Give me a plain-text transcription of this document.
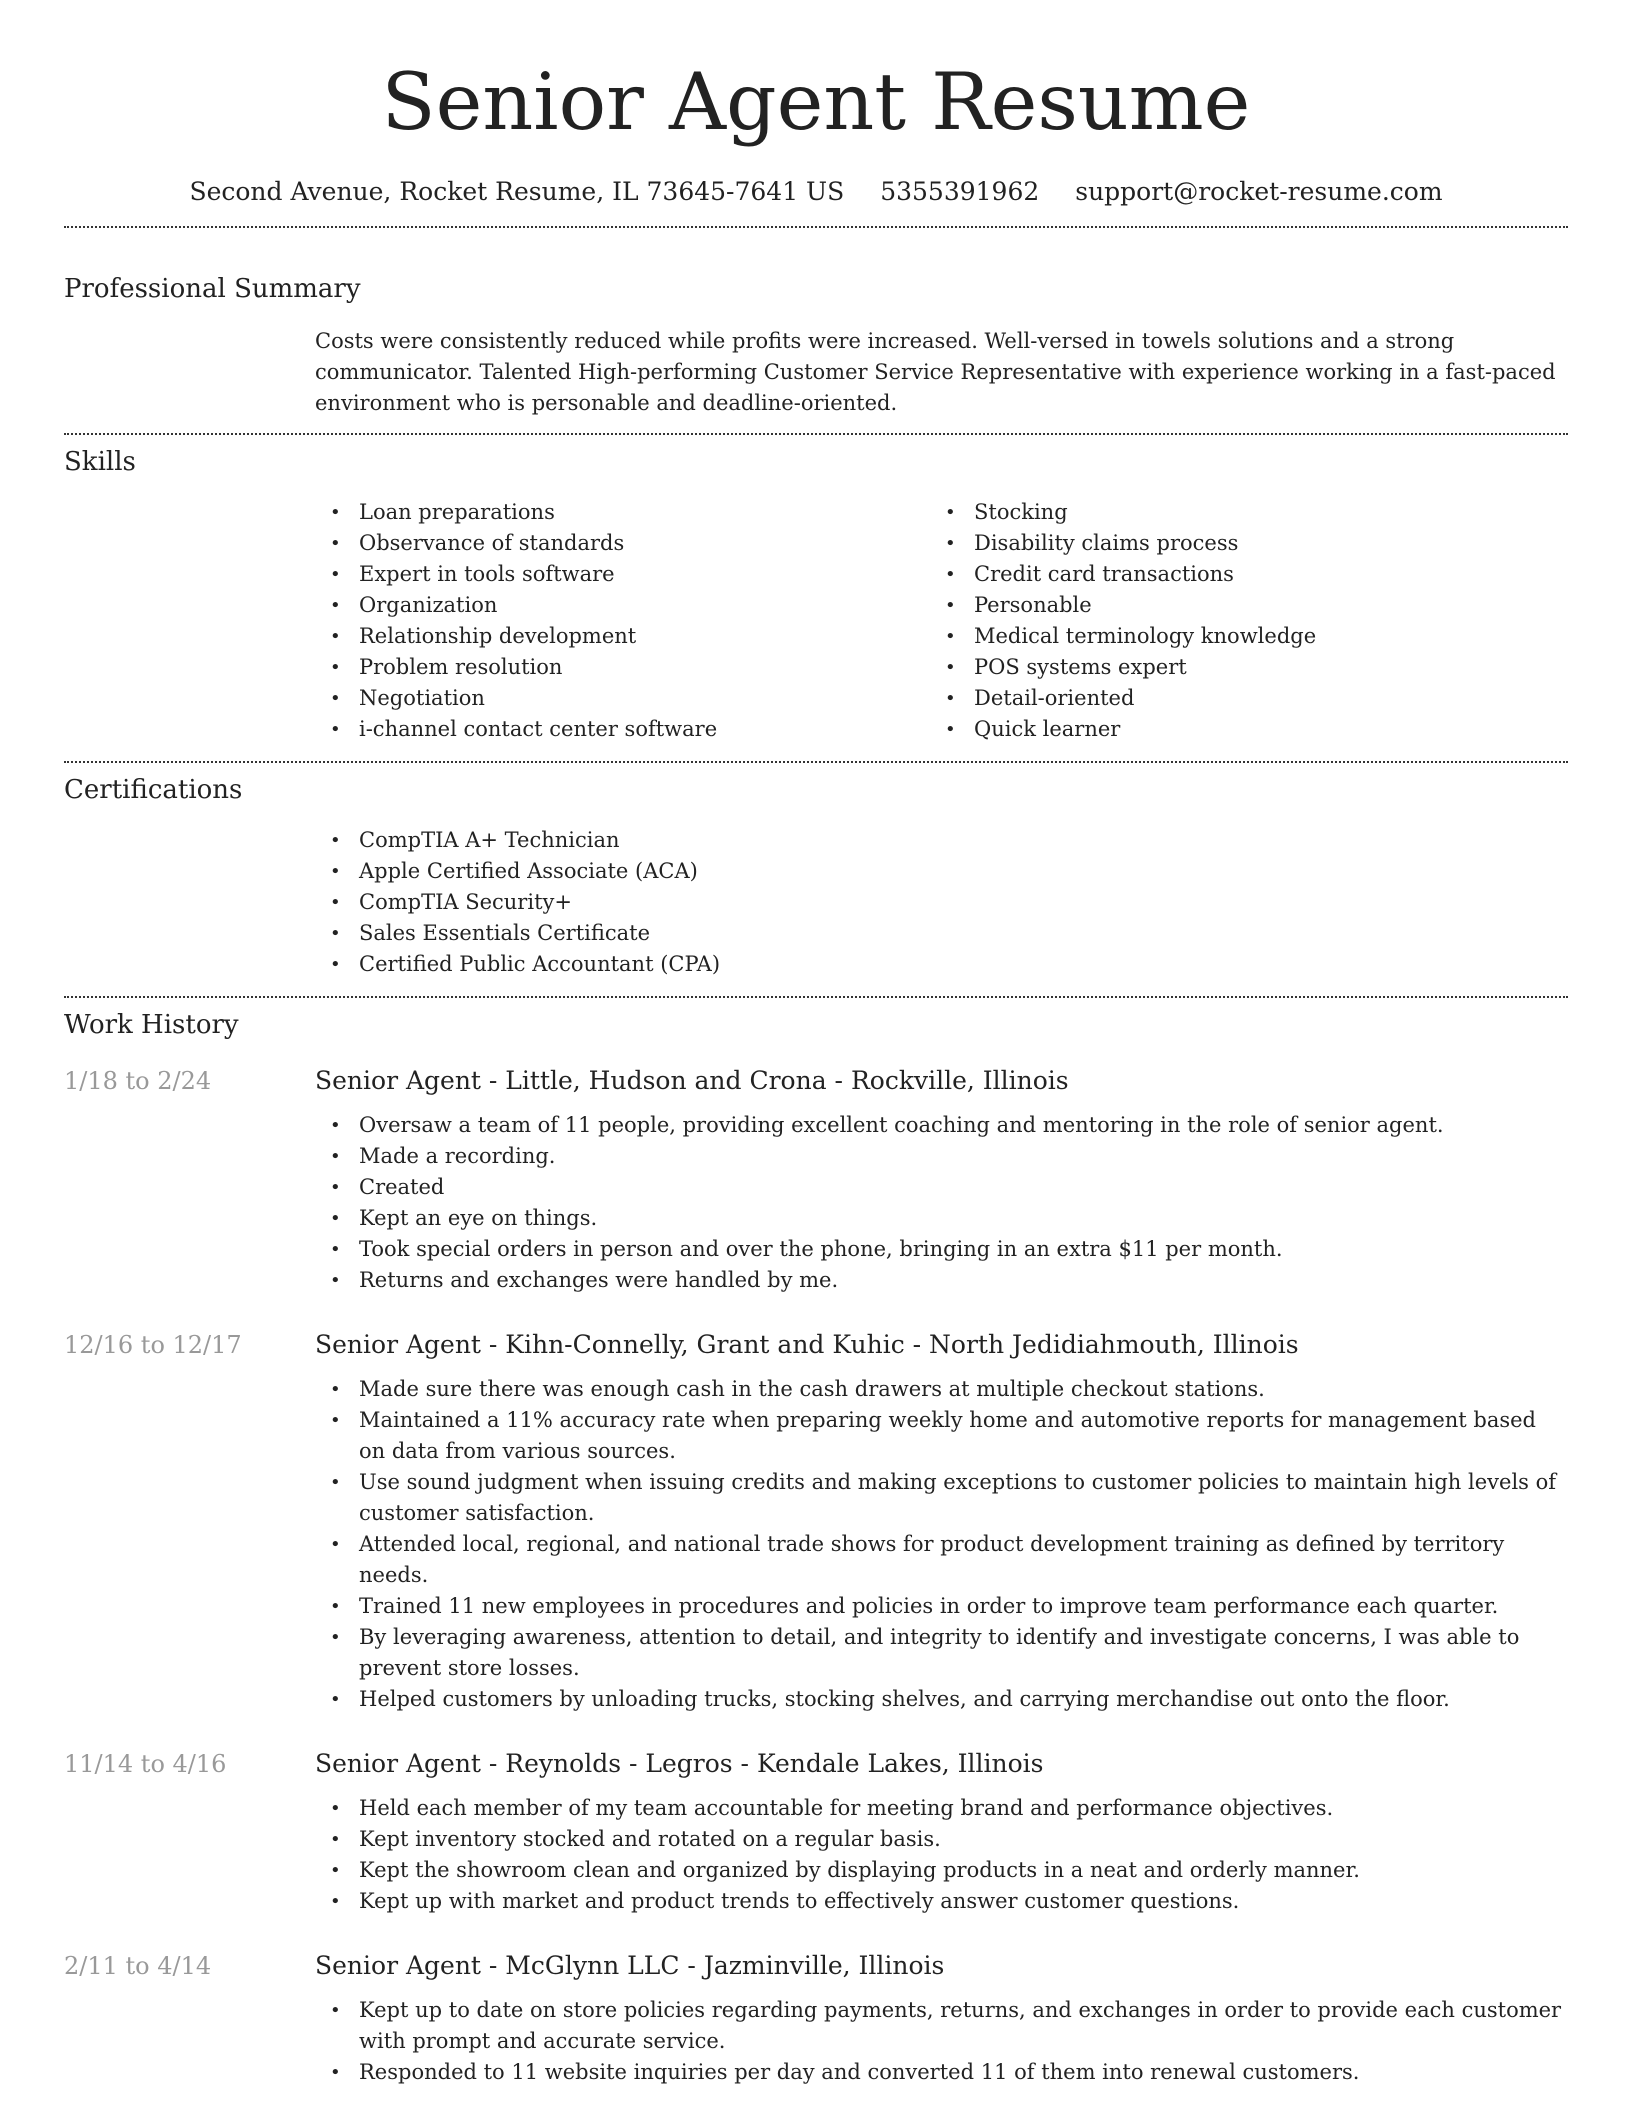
Senior Agent Resume
Second Avenue, Rocket Resume, IL 73645-7641 US 5355391962 support@rocket-resume.com
Professional Summary

Costs were consistently reduced while profits were increased. Well-versed in towels solutions and a strong communicator. Talented High-performing Customer Service Representative with experience working in a fast-paced environment who is personable and deadline-oriented.

Skills
• Loan preparations
• Observance of standards
• Expert in tools software
• Organization
• Relationship development
• Problem resolution
• Negotiation
• i-channel contact center software
• Stocking
• Disability claims process
• Credit card transactions
• Personable
• Medical terminology knowledge
• POS systems expert
• Detail-oriented
• Quick learner
Certifications
• CompTIA A+ Technician
• Apple Certified Associate (ACA)
• CompTIA Security+
• Sales Essentials Certificate
• Certified Public Accountant (CPA)
Work History
1/18 to 2/24	Senior Agent - Little, Hudson and Crona - Rockville, Illinois
• Oversaw a team of 11 people, providing excellent coaching and mentoring in the role of senior agent.
• Made a recording.
• Created
• Kept an eye on things.
• Took special orders in person and over the phone, bringing in an extra $11 per month.
• Returns and exchanges were handled by me.
12/16 to 12/17	Senior Agent - Kihn-Connelly, Grant and Kuhic - North Jedidiahmouth, Illinois
• Made sure there was enough cash in the cash drawers at multiple checkout stations.
• Maintained a 11% accuracy rate when preparing weekly home and automotive reports for management based on data from various sources.
• Use sound judgment when issuing credits and making exceptions to customer policies to maintain high levels of customer satisfaction.
• Attended local, regional, and national trade shows for product development training as defined by territory needs.
• Trained 11 new employees in procedures and policies in order to improve team performance each quarter.
• By leveraging awareness, attention to detail, and integrity to identify and investigate concerns, I was able to prevent store losses.
• Helped customers by unloading trucks, stocking shelves, and carrying merchandise out onto the floor.
11/14 to 4/16	Senior Agent - Reynolds - Legros - Kendale Lakes, Illinois
• Held each member of my team accountable for meeting brand and performance objectives.
• Kept inventory stocked and rotated on a regular basis.
• Kept the showroom clean and organized by displaying products in a neat and orderly manner.
• Kept up with market and product trends to effectively answer customer questions.
2/11 to 4/14	Senior Agent - McGlynn LLC - Jazminville, Illinois
• Kept up to date on store policies regarding payments, returns, and exchanges in order to provide each customer with prompt and accurate service.
• Responded to 11 website inquiries per day and converted 11 of them into renewal customers.
